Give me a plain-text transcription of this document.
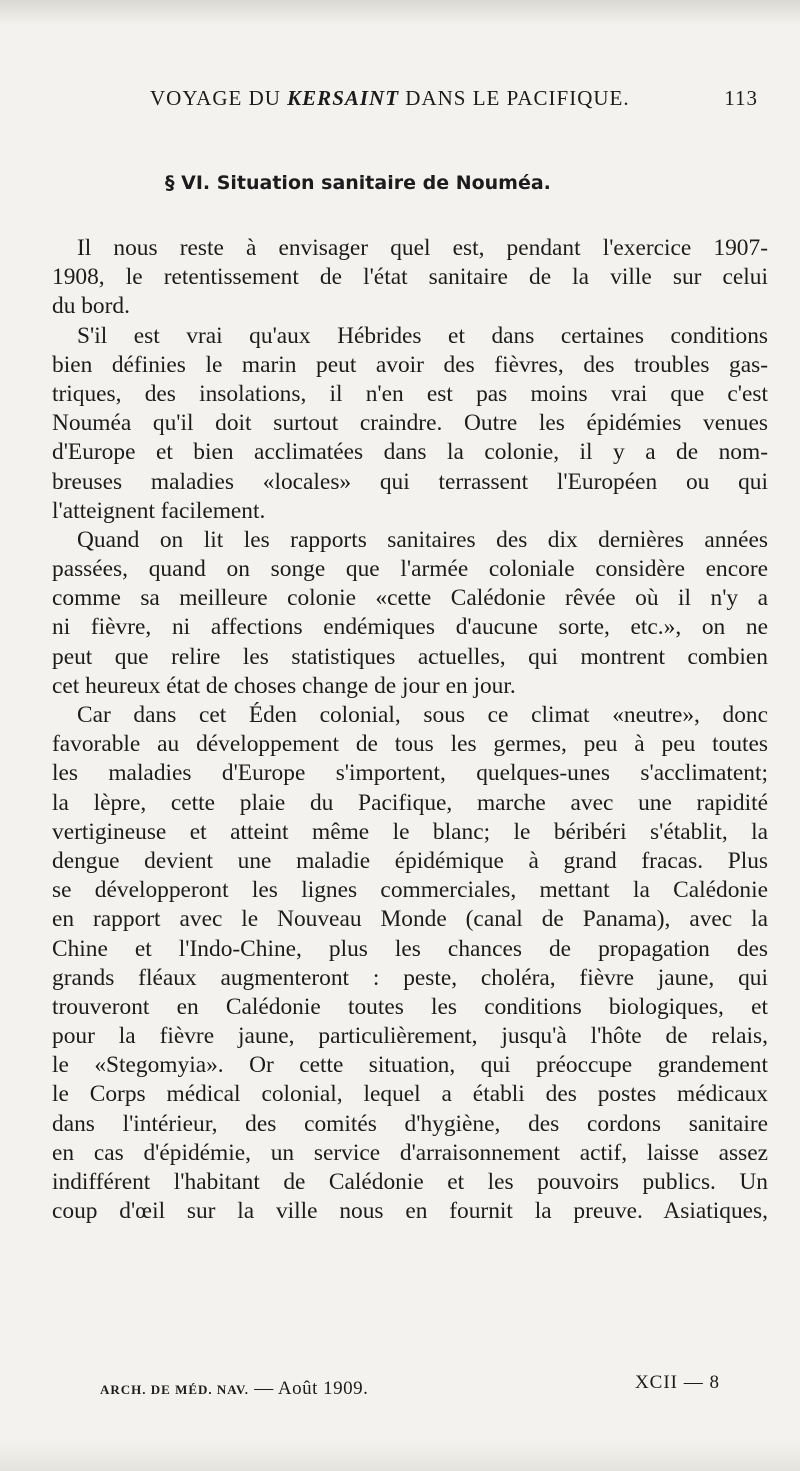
VOYAGE DU KERSAINT DANS LE PACIFIQUE.	113
§ VI. Situation sanitaire de Nouméa.
Il nous reste à envisager quel est, pendant l'exercice 1907-
1908, le retentissement de l'état sanitaire de la ville sur celui
du bord.
S'il est vrai qu'aux Hébrides et dans certaines conditions
bien définies le marin peut avoir des fièvres, des troubles gas-
triques, des insolations, il n'en est pas moins vrai que c'est
Nouméa qu'il doit surtout craindre. Outre les épidémies venues
d'Europe et bien acclimatées dans la colonie, il y a de nom-
breuses maladies «locales» qui terrassent l'Européen ou qui
l'atteignent facilement.
Quand on lit les rapports sanitaires des dix dernières années
passées, quand on songe que l'armée coloniale considère encore
comme sa meilleure colonie «cette Calédonie rêvée où il n'y a
ni fièvre, ni affections endémiques d'aucune sorte, etc.», on ne
peut que relire les statistiques actuelles, qui montrent combien
cet heureux état de choses change de jour en jour.
Car dans cet Éden colonial, sous ce climat «neutre», donc
favorable au développement de tous les germes, peu à peu toutes
les maladies d'Europe s'importent, quelques-unes s'acclimatent;
la lèpre, cette plaie du Pacifique, marche avec une rapidité
vertigineuse et atteint même le blanc; le béribéri s'établit, la
dengue devient une maladie épidémique à grand fracas. Plus
se développeront les lignes commerciales, mettant la Calédonie
en rapport avec le Nouveau Monde (canal de Panama), avec la
Chine et l'Indo-Chine, plus les chances de propagation des
grands fléaux augmenteront : peste, choléra, fièvre jaune, qui
trouveront en Calédonie toutes les conditions biologiques, et
pour la fièvre jaune, particulièrement, jusqu'à l'hôte de relais,
le «Stegomyia». Or cette situation, qui préoccupe grandement
le Corps médical colonial, lequel a établi des postes médicaux
dans l'intérieur, des comités d'hygiène, des cordons sanitaire
en cas d'épidémie, un service d'arraisonnement actif, laisse assez
indifférent l'habitant de Calédonie et les pouvoirs publics. Un
coup d'œil sur la ville nous en fournit la preuve. Asiatiques,
ARCH. DE MÉD. NAV. — Août 1909.	XCII — 8
